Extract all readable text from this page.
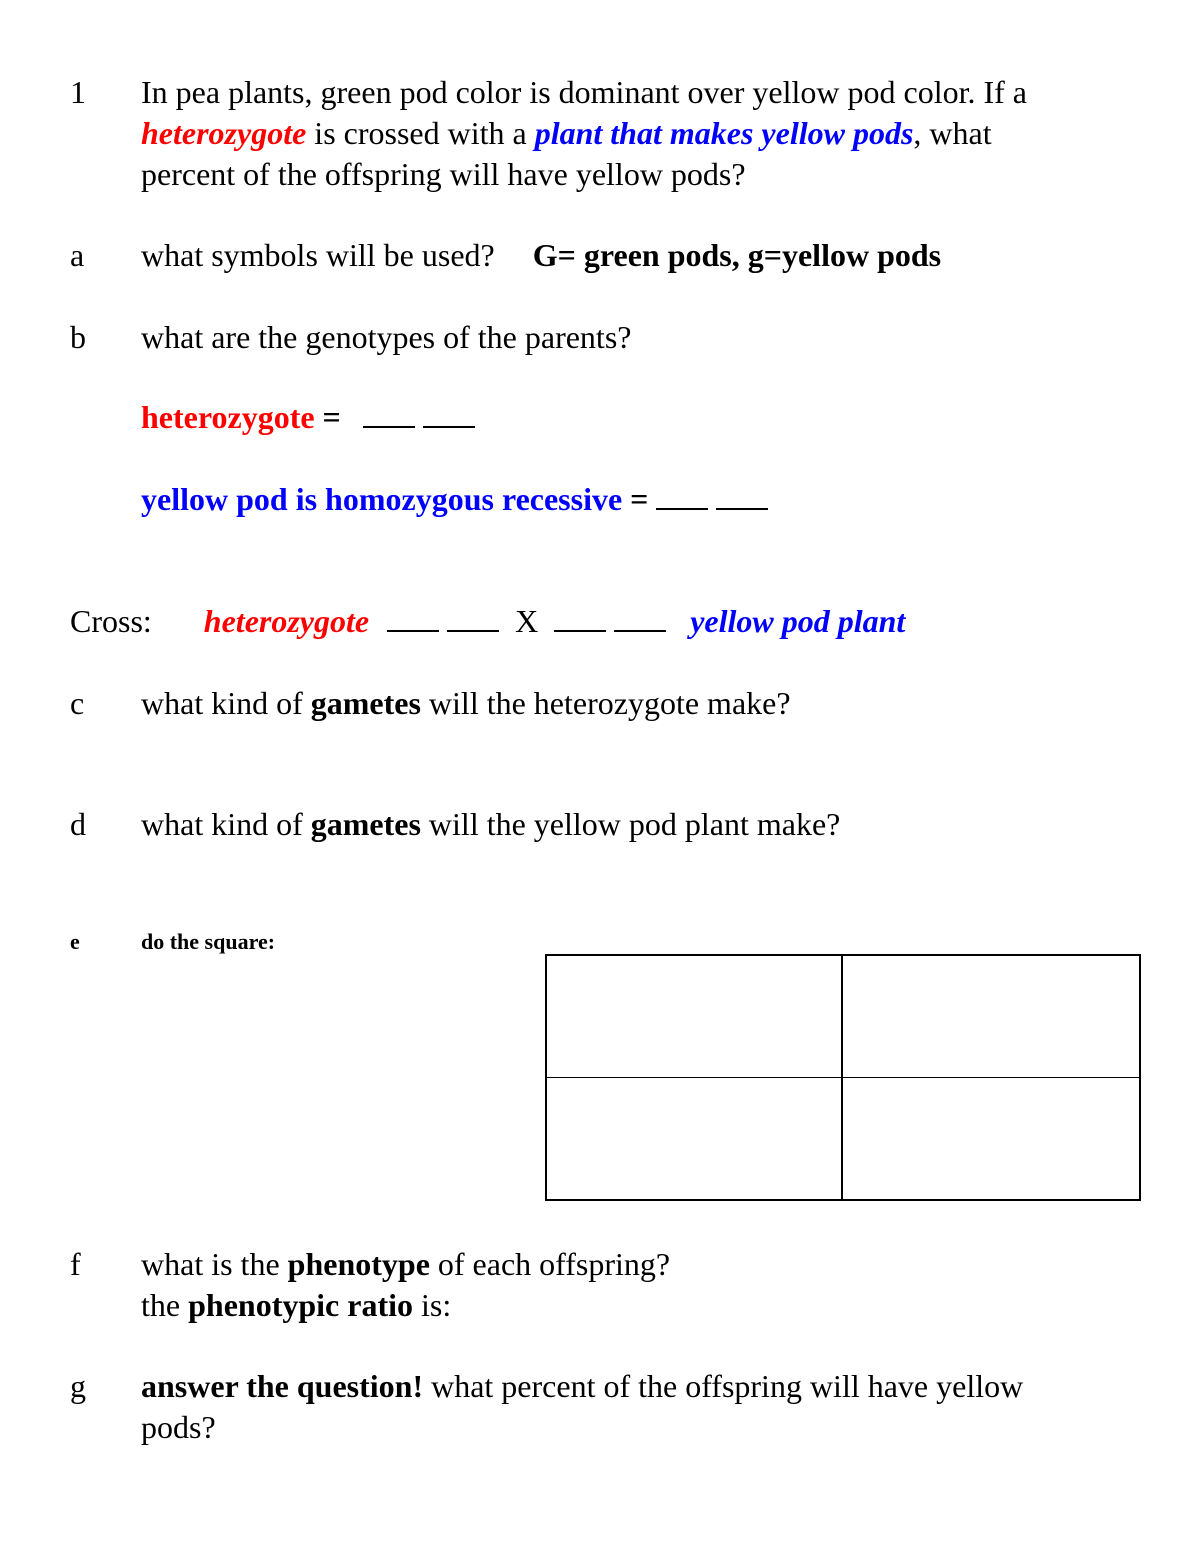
1 In pea plants, green pod color is dominant over yellow pod color. If a
heterozygote is crossed with a plant that makes yellow pods, what
percent of the offspring will have yellow pods?
a what symbols will be used? G= green pods, g=yellow pods
b what are the genotypes of the parents?
heterozygote =
yellow pod is homozygous recessive =
Cross: heterozygote	X	yellow pod plant
c what kind of gametes will the heterozygote make?
d what kind of gametes will the yellow pod plant make?
e	do the square:
f what is the phenotype of each offspring?
the phenotypic ratio is:
g answer the question! what percent of the offspring will have yellow
pods?
